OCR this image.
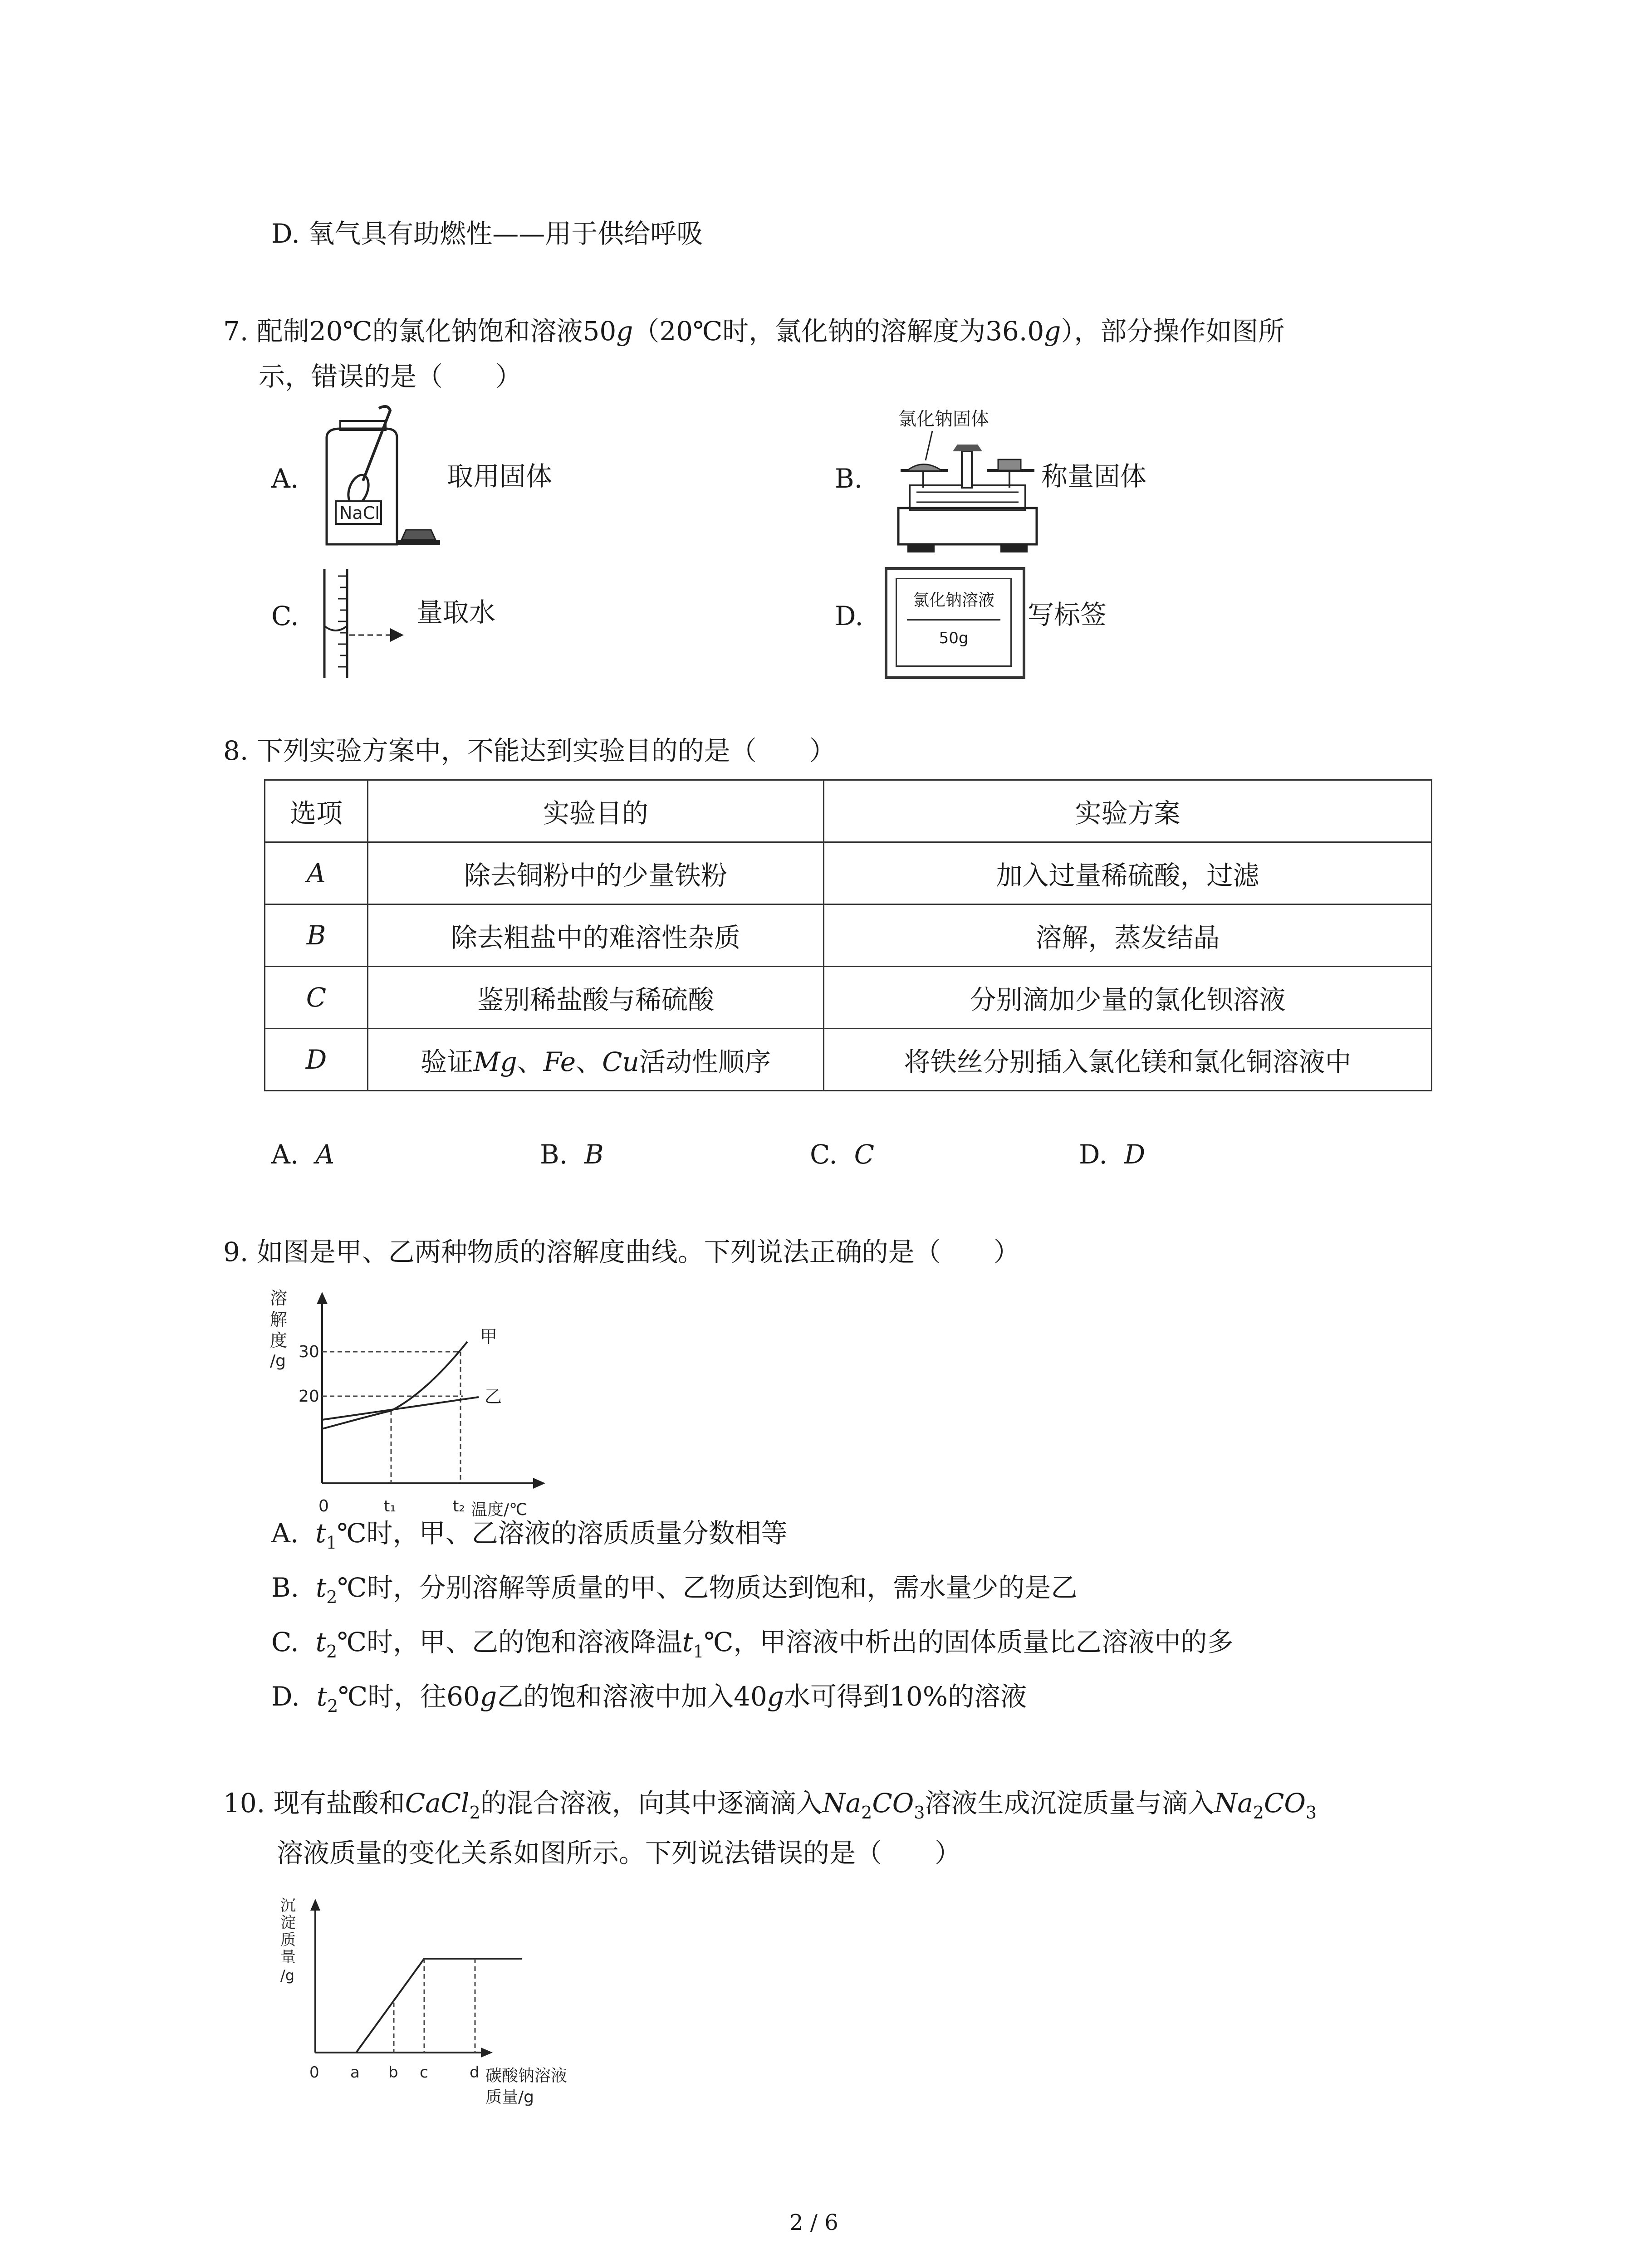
D. 氧气具有助燃性——用于供给呼吸
7. 配制20℃的氯化钠饱和溶液50g（20℃时，氯化钠的溶解度为36.0g），部分操作如图所
示，错误的是（　　）
A.	取用固体	B.	称量固体
C.	量取水	D.	写标签
NaCl
氯化钠固体
氯化钠溶液
50g
8. 下列实验方案中，不能达到实验目的的是（　　）
选项	实验目的	实验方案
A	除去铜粉中的少量铁粉	加入过量稀硫酸，过滤
B	除去粗盐中的难溶性杂质	溶解，蒸发结晶
C	鉴别稀盐酸与稀硫酸	分别滴加少量的氯化钡溶液
D	验证Mg、Fe、Cu活动性顺序	将铁丝分别插入氯化镁和氯化铜溶液中
A. A	B. B	C. C	D. D
9. 如图是甲、乙两种物质的溶解度曲线。下列说法正确的是（　　）
溶
解
度
/g 30
20
甲
乙
0	t₁	t₂ 温度/℃
A. $t_1℃$时，甲、乙溶液的溶质质量分数相等
B. $t_2℃$时，分别溶解等质量的甲、乙物质达到饱和，需水量少的是乙
C. $t_2℃$时，甲、乙的饱和溶液降温$t_1℃$，甲溶液中析出的固体质量比乙溶液中的多
D. $t_2℃$时，往60g乙的饱和溶液中加入40g水可得到10%的溶液
10. 现有盐酸和CaCl$_2$的混合溶液，向其中逐滴滴入$Na_2CO_3$溶液生成沉淀质量与滴入$Na_2CO_3$
溶液质量的变化关系如图所示。下列说法错误的是（　　）
沉
淀
质
量
/g
0 a b c	d 碳酸钠溶液
质量/g
2 / 6
